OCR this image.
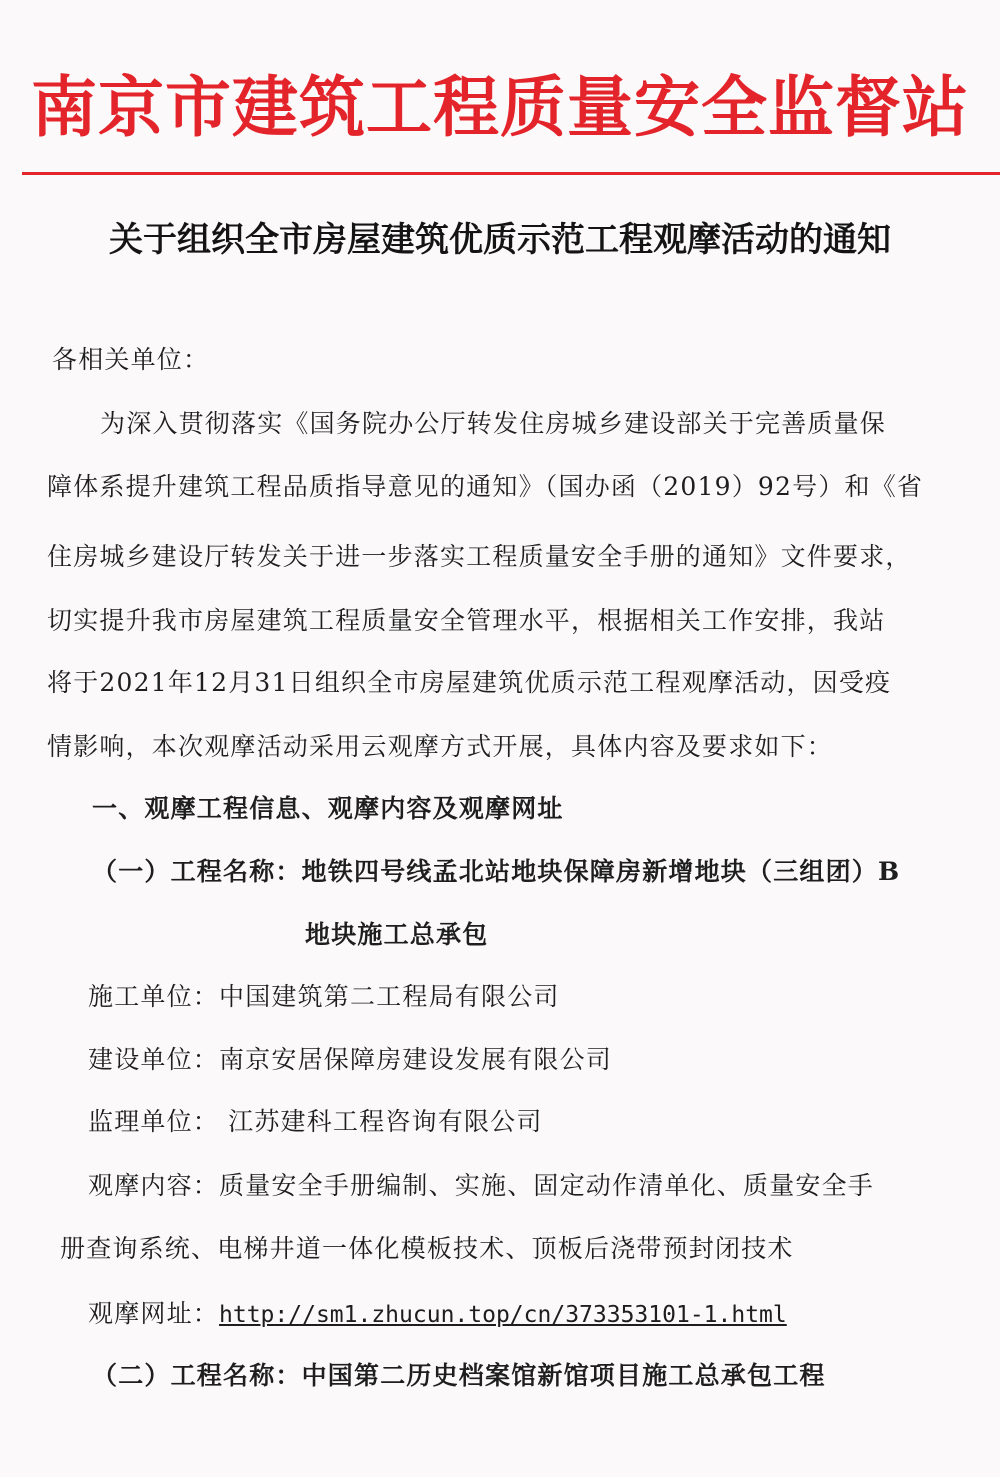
南京市建筑工程质量安全监督站
关于组织全市房屋建筑优质示范工程观摩活动的通知
各相关单位：
为深入贯彻落实《国务院办公厅转发住房城乡建设部关于完善质量保
障体系提升建筑工程品质指导意见的通知》（国办函（2019）92号）和《省
住房城乡建设厅转发关于进一步落实工程质量安全手册的通知》文件要求，
切实提升我市房屋建筑工程质量安全管理水平，根据相关工作安排，我站
将于2021年12月31日组织全市房屋建筑优质示范工程观摩活动，因受疫
情影响，本次观摩活动采用云观摩方式开展，具体内容及要求如下：
一、观摩工程信息、观摩内容及观摩网址
（一）工程名称：地铁四号线孟北站地块保障房新增地块（三组团）B
地块施工总承包
施工单位：中国建筑第二工程局有限公司
建设单位：南京安居保障房建设发展有限公司
监理单位： 江苏建科工程咨询有限公司
观摩内容：质量安全手册编制、实施、固定动作清单化、质量安全手
册查询系统、电梯井道一体化模板技术、顶板后浇带预封闭技术
观摩网址：http://sm1.zhucun.top/cn/373353101-1.html
（二）工程名称：中国第二历史档案馆新馆项目施工总承包工程
